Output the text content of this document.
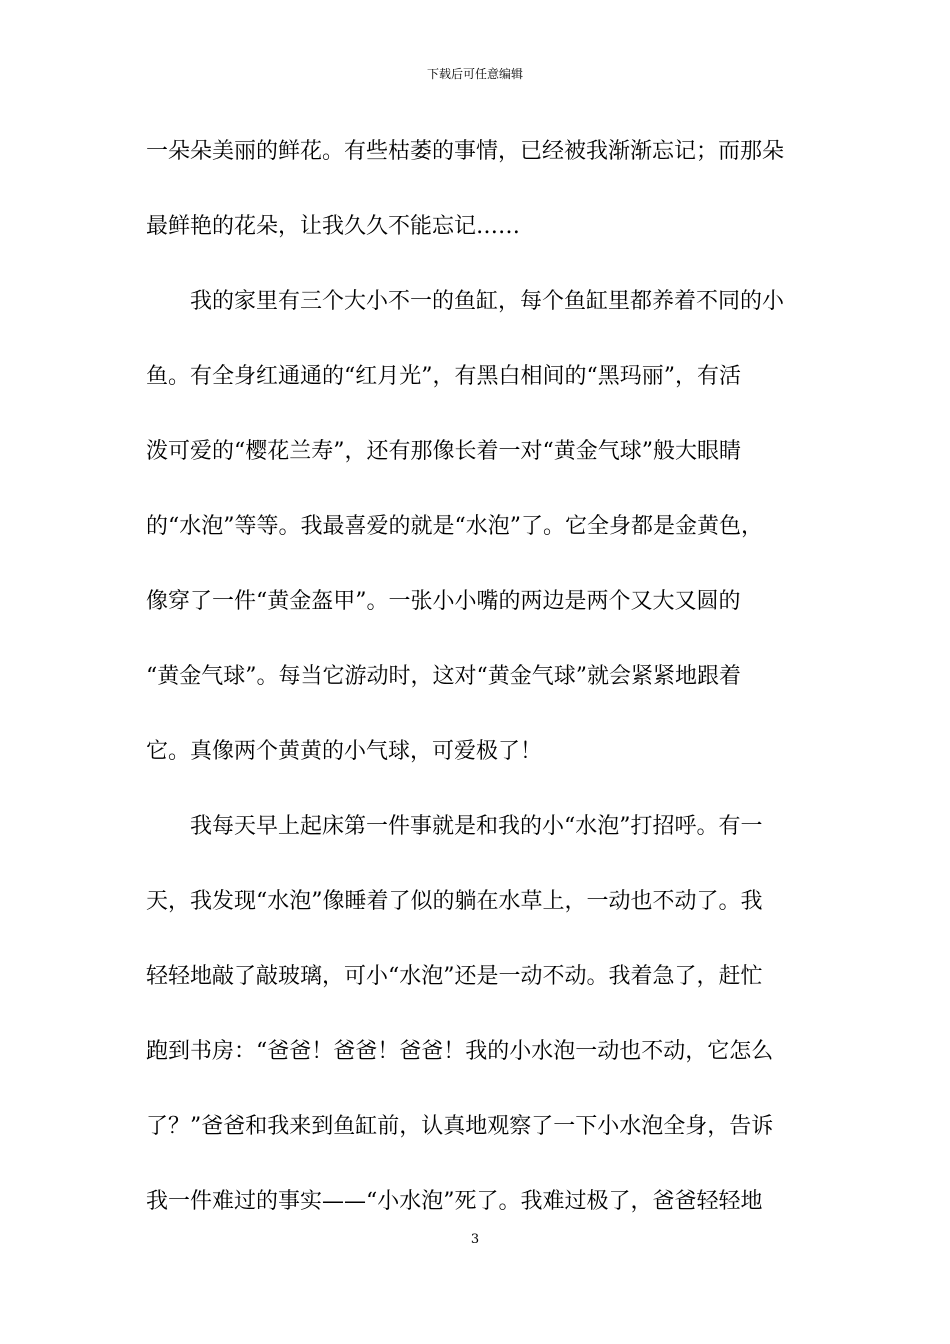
下载后可任意编辑
一朵朵美丽的鲜花。有些枯萎的事情，已经被我渐渐忘记；而那朵
最鲜艳的花朵，让我久久不能忘记……
我的家里有三个大小不一的鱼缸，每个鱼缸里都养着不同的小
鱼。有全身红通通的“红月光”，有黑白相间的“黑玛丽”，有活
泼可爱的“樱花兰寿”，还有那像长着一对“黄金气球”般大眼睛
的“水泡”等等。我最喜爱的就是“水泡”了。它全身都是金黄色，
像穿了一件“黄金盔甲”。一张小小嘴的两边是两个又大又圆的
“黄金气球”。每当它游动时，这对“黄金气球”就会紧紧地跟着
它。真像两个黄黄的小气球，可爱极了！
我每天早上起床第一件事就是和我的小“水泡”打招呼。有一
天，我发现“水泡”像睡着了似的躺在水草上，一动也不动了。我
轻轻地敲了敲玻璃，可小“水泡”还是一动不动。我着急了，赶忙
跑到书房：“爸爸！爸爸！爸爸！我的小水泡一动也不动，它怎么
了？”爸爸和我来到鱼缸前，认真地观察了一下小水泡全身，告诉
我一件难过的事实——“小水泡”死了。我难过极了，爸爸轻轻地
3
